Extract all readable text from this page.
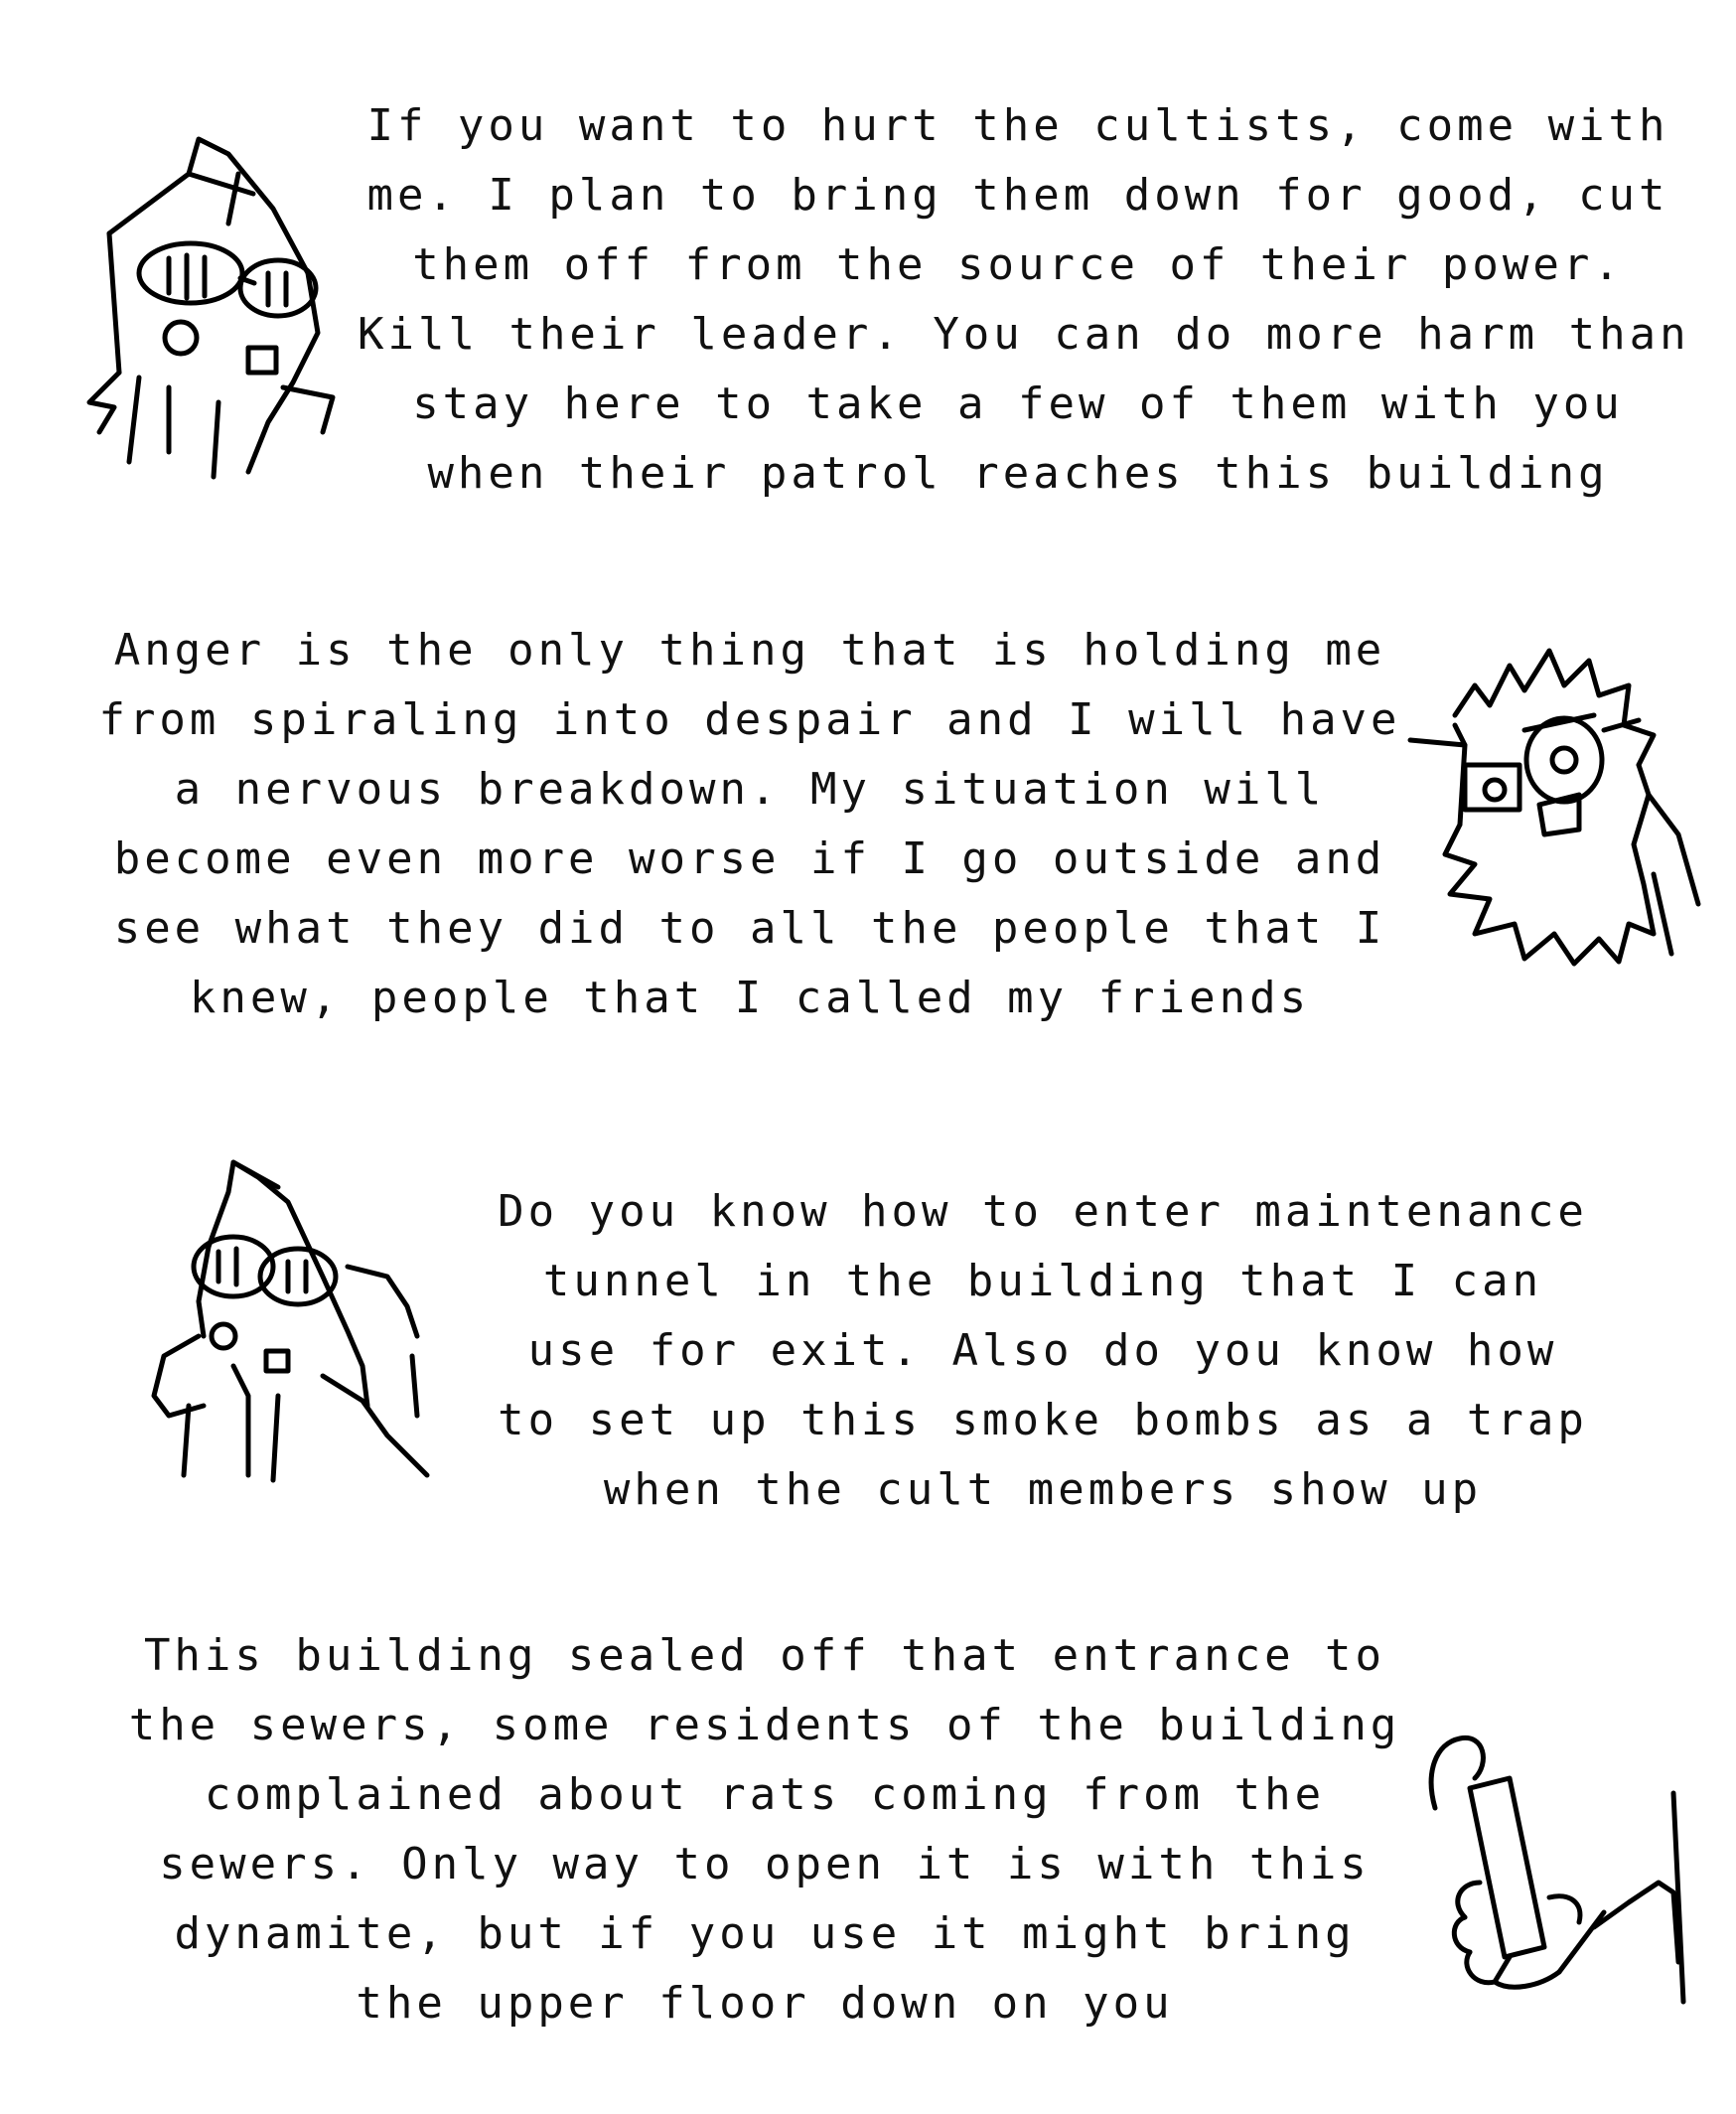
If you want to hurt the cultists, come with
me. I plan to bring them down for good, cut
them off from the source of their power.
Kill their leader. You can do more harm than
stay here to take a few of them with you
when their patrol reaches this building
Anger is the only thing that is holding me
from spiraling into despair and I will have
a nervous breakdown. My situation will
become even more worse if I go outside and
see what they did to all the people that I
knew, people that I called my friends
Do you know how to enter maintenance
tunnel in the building that I can
use for exit. Also do you know how
to set up this smoke bombs as a trap
when the cult members show up
This building sealed off that entrance to
the sewers, some residents of the building
complained about rats coming from the
sewers. Only way to open it is with this
dynamite, but if you use it might bring
the upper floor down on you
